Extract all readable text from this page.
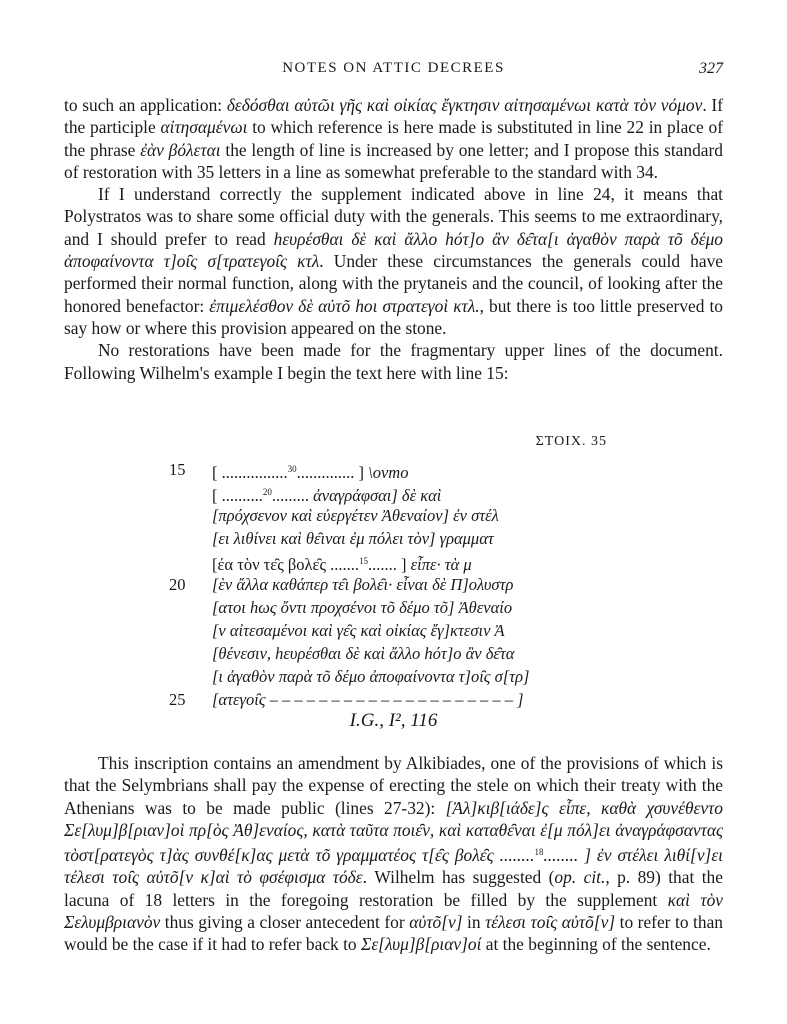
NOTES ON ATTIC DECREES	327

to such an application: δεδόσθαι αὐτῶι γῆς καὶ οἰκίας ἔγκτησιν αἰτησαμένωι κατὰ τὸν νόμον. If the participle αἰτησαμένωι to which reference is here made is substituted in line 22 in place of the phrase ἐὰν βόλεται the length of line is increased by one letter; and I propose this standard of restoration with 35 letters in a line as somewhat preferable to the standard with 34.

If I understand correctly the supplement indicated above in line 24, it means that Polystratos was to share some official duty with the generals. This seems to me extraordinary, and I should prefer to read hευρέσθαι δὲ καὶ ἄλλο hότ]ο ἂν δε̑τα[ι ἀγαθὸν παρὰ τõ δέμο ἀποφαίνοντα τ]οι̑ς σ[τρατεγοι̑ς κτλ. Under these circumstances the generals could have performed their normal function, along with the prytaneis and the council, of looking after the honored benefactor: ἐπιμελέσθον δὲ αὐτõ hοι στρατεγοὶ κτλ., but there is too little preserved to say how or where this provision appeared on the stone.

No restorations have been made for the fragmentary upper lines of the document. Following Wilhelm's example I begin the text here with line 15:

ΣΤΟΙΧ. 35
15	[ ................$^{30}$.............. ] \ονто
[ ..........$^{20}$......... ἀναγράφσαι] δὲ καὶ
[πρόχσενον καὶ εὐεργέτεν Ἀθεναίον] ἐν στέλ
[ει λιθίνει καὶ θε̑ιναι ἐμ πόλει τὸν] γραμματ
[έα τὸν τε̑ς βολε̑ς .......$^{15}$....... ] εἶπε· τὰ μ
20	[ὲν ἄλλα καθάπερ τε̑ι βολε̑ι· εἶναι δὲ Π]ολυστρ
[ατοι hως ὄντι προχσένοι τõ δέμο τõ] Ἀθεναίο
[ν αἰτεσαμένοι καὶ γε̑ς καὶ οἰκίας ἔγ]κτεσιν Ἀ
[θένεσιν, hευρέσθαι δὲ καὶ ἄλλο hότ]ο ἂν δε̑τα
[ι ἀγαθὸν παρὰ τõ δέμο ἀποφαίνοντα τ]οι̑ς σ[τρ]
25	[ατεγοι̑ς – – – – – – – – – – – – – – – – – – – – ]
I.G., I², 116

This inscription contains an amendment by Alkibiades, one of the provisions of which is that the Selymbrians shall pay the expense of erecting the stele on which their treaty with the Athenians was to be made public (lines 27-32): [Ἀλ]κιβ[ιάδε]ς εἶπε, καθὰ χσυνέθεντο Σε[λυμ]β[ριαν]οὶ πρ[ὸς Ἀθ]εναίος, κατὰ ταῦτα ποιε̑ν, καὶ καταθε̑ναι ἐ[μ πόλ]ει ἀναγράφσαντας τὸστ[ρατεγὸς τ]ὰς συνθέ[κ]ας μετὰ τõ γραμματέος τ[ε̑ς βολε̑ς ........$^{18}$........ ] ἐν στέλει λιθί[ν]ει τέλεσι τοι̑ς αὐτõ[ν κ]αὶ τὸ φσέφισμα τόδε. Wilhelm has suggested (op. cit., p. 89) that the lacuna of 18 letters in the foregoing restoration be filled by the supplement καὶ τὸν Σελυμβριανὸν thus giving a closer antecedent for αὐτõ[ν] in τέλεσι τοι̑ς αὐτõ[ν] to refer to than would be the case if it had to refer back to Σε[λυμ]β[ριαν]οί at the beginning of the sentence.
